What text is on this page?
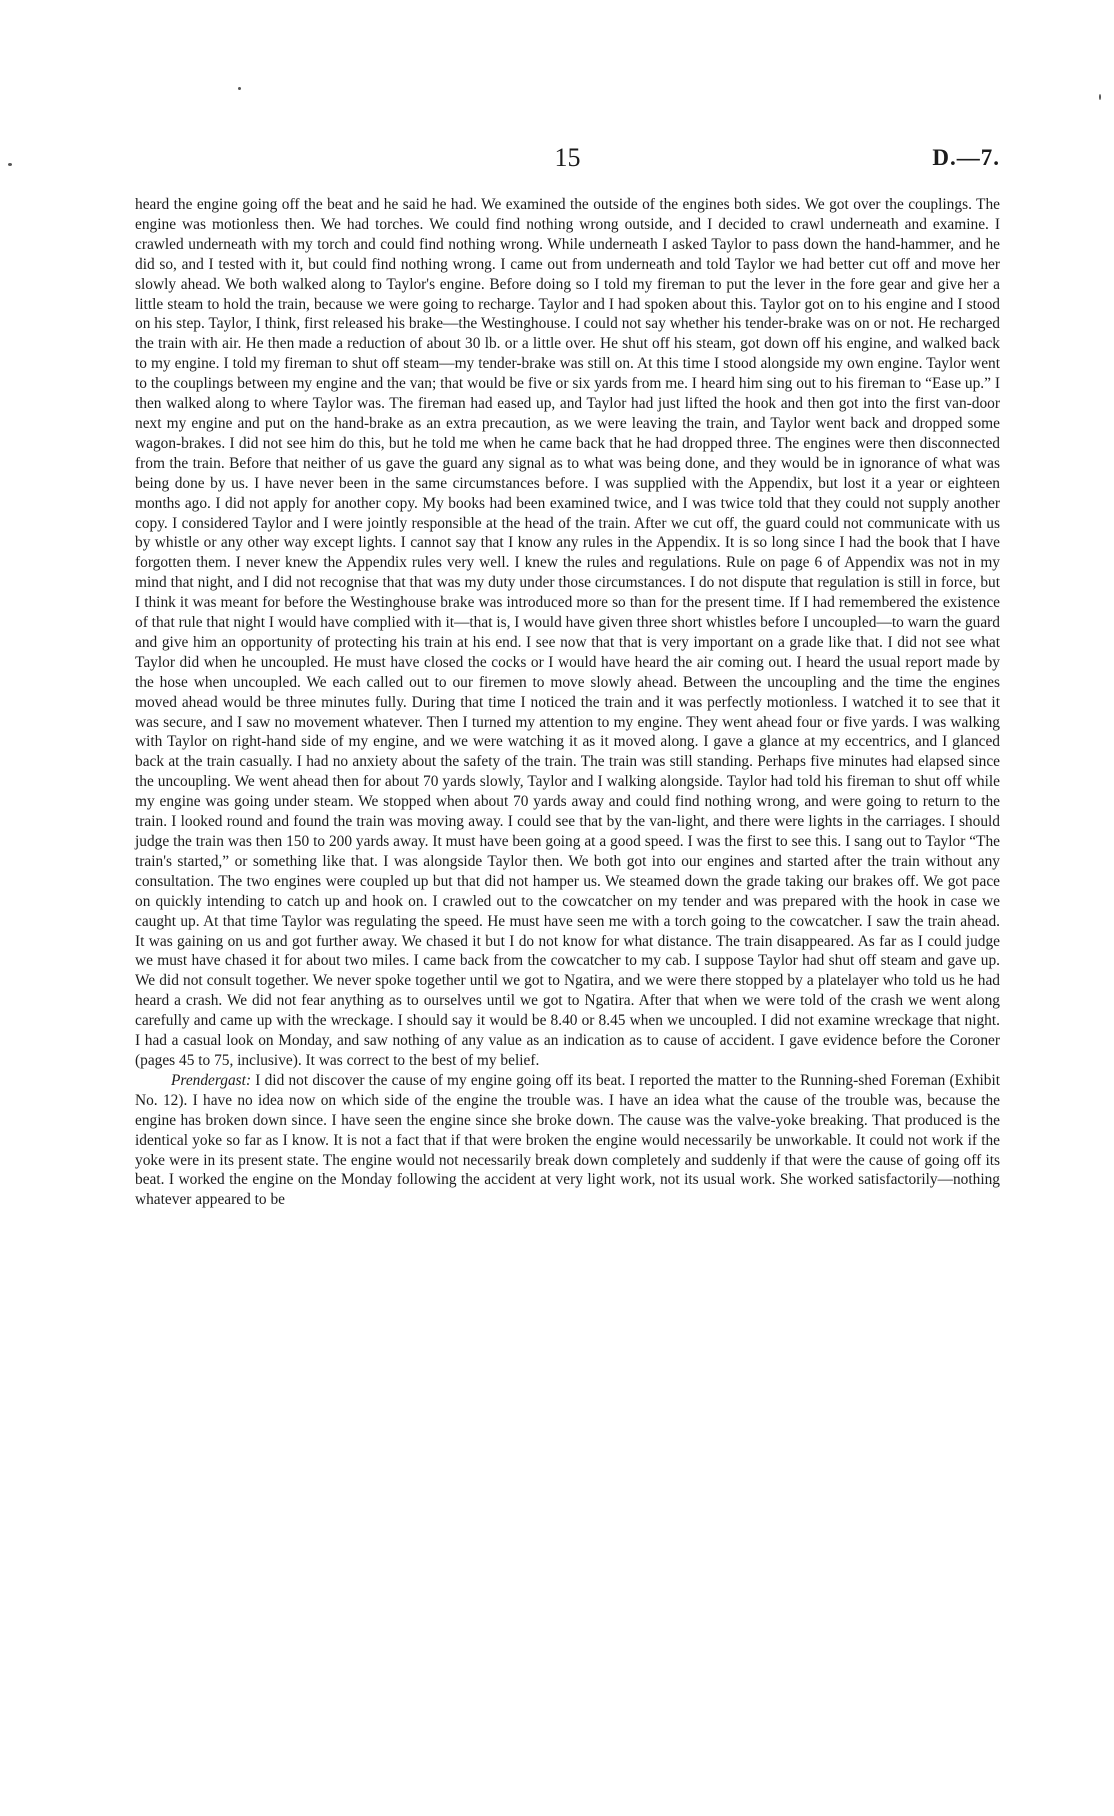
15	D.—7.

heard the engine going off the beat and he said he had. We examined the outside of the engines both sides. We got over the couplings. The engine was motionless then. We had torches. We could find nothing wrong outside, and I decided to crawl underneath and examine. I crawled underneath with my torch and could find nothing wrong. While underneath I asked Taylor to pass down the hand-hammer, and he did so, and I tested with it, but could find nothing wrong. I came out from underneath and told Taylor we had better cut off and move her slowly ahead. We both walked along to Taylor's engine. Before doing so I told my fireman to put the lever in the fore gear and give her a little steam to hold the train, because we were going to recharge. Taylor and I had spoken about this. Taylor got on to his engine and I stood on his step. Taylor, I think, first released his brake—the Westinghouse. I could not say whether his tender-brake was on or not. He recharged the train with air. He then made a reduction of about 30 lb. or a little over. He shut off his steam, got down off his engine, and walked back to my engine. I told my fireman to shut off steam—my tender-brake was still on. At this time I stood alongside my own engine. Taylor went to the couplings between my engine and the van; that would be five or six yards from me. I heard him sing out to his fireman to “Ease up.” I then walked along to where Taylor was. The fireman had eased up, and Taylor had just lifted the hook and then got into the first van-door next my engine and put on the hand-brake as an extra precaution, as we were leaving the train, and Taylor went back and dropped some wagon-brakes. I did not see him do this, but he told me when he came back that he had dropped three. The engines were then disconnected from the train. Before that neither of us gave the guard any signal as to what was being done, and they would be in ignorance of what was being done by us. I have never been in the same circumstances before. I was supplied with the Appendix, but lost it a year or eighteen months ago. I did not apply for another copy. My books had been examined twice, and I was twice told that they could not supply another copy. I considered Taylor and I were jointly responsible at the head of the train. After we cut off, the guard could not communicate with us by whistle or any other way except lights. I cannot say that I know any rules in the Appendix. It is so long since I had the book that I have forgotten them. I never knew the Appendix rules very well. I knew the rules and regulations. Rule on page 6 of Appendix was not in my mind that night, and I did not recognise that that was my duty under those circumstances. I do not dispute that regulation is still in force, but I think it was meant for before the Westinghouse brake was introduced more so than for the present time. If I had remembered the existence of that rule that night I would have complied with it—that is, I would have given three short whistles before I uncoupled—to warn the guard and give him an opportunity of protecting his train at his end. I see now that that is very important on a grade like that. I did not see what Taylor did when he uncoupled. He must have closed the cocks or I would have heard the air coming out. I heard the usual report made by the hose when uncoupled. We each called out to our firemen to move slowly ahead. Between the uncoupling and the time the engines moved ahead would be three minutes fully. During that time I noticed the train and it was perfectly motionless. I watched it to see that it was secure, and I saw no movement whatever. Then I turned my attention to my engine. They went ahead four or five yards. I was walking with Taylor on right-hand side of my engine, and we were watching it as it moved along. I gave a glance at my eccentrics, and I glanced back at the train casually. I had no anxiety about the safety of the train. The train was still standing. Perhaps five minutes had elapsed since the uncoupling. We went ahead then for about 70 yards slowly, Taylor and I walking alongside. Taylor had told his fireman to shut off while my engine was going under steam. We stopped when about 70 yards away and could find nothing wrong, and were going to return to the train. I looked round and found the train was moving away. I could see that by the van-light, and there were lights in the carriages. I should judge the train was then 150 to 200 yards away. It must have been going at a good speed. I was the first to see this. I sang out to Taylor “The train's started,” or something like that. I was alongside Taylor then. We both got into our engines and started after the train without any consultation. The two engines were coupled up but that did not hamper us. We steamed down the grade taking our brakes off. We got pace on quickly intending to catch up and hook on. I crawled out to the cowcatcher on my tender and was prepared with the hook in case we caught up. At that time Taylor was regulating the speed. He must have seen me with a torch going to the cowcatcher. I saw the train ahead. It was gaining on us and got further away. We chased it but I do not know for what distance. The train disappeared. As far as I could judge we must have chased it for about two miles. I came back from the cowcatcher to my cab. I suppose Taylor had shut off steam and gave up. We did not consult together. We never spoke together until we got to Ngatira, and we were there stopped by a platelayer who told us he had heard a crash. We did not fear anything as to ourselves until we got to Ngatira. After that when we were told of the crash we went along carefully and came up with the wreckage. I should say it would be 8.40 or 8.45 when we uncoupled. I did not examine wreckage that night. I had a casual look on Monday, and saw nothing of any value as an indication as to cause of accident. I gave evidence before the Coroner (pages 45 to 75, inclusive). It was correct to the best of my belief.

Prendergast: I did not discover the cause of my engine going off its beat. I reported the matter to the Running-shed Foreman (Exhibit No. 12). I have no idea now on which side of the engine the trouble was. I have an idea what the cause of the trouble was, because the engine has broken down since. I have seen the engine since she broke down. The cause was the valve-yoke breaking. That produced is the identical yoke so far as I know. It is not a fact that if that were broken the engine would necessarily be unworkable. It could not work if the yoke were in its present state. The engine would not necessarily break down completely and suddenly if that were the cause of going off its beat. I worked the engine on the Monday following the accident at very light work, not its usual work. She worked satisfactorily—nothing whatever appeared to be
